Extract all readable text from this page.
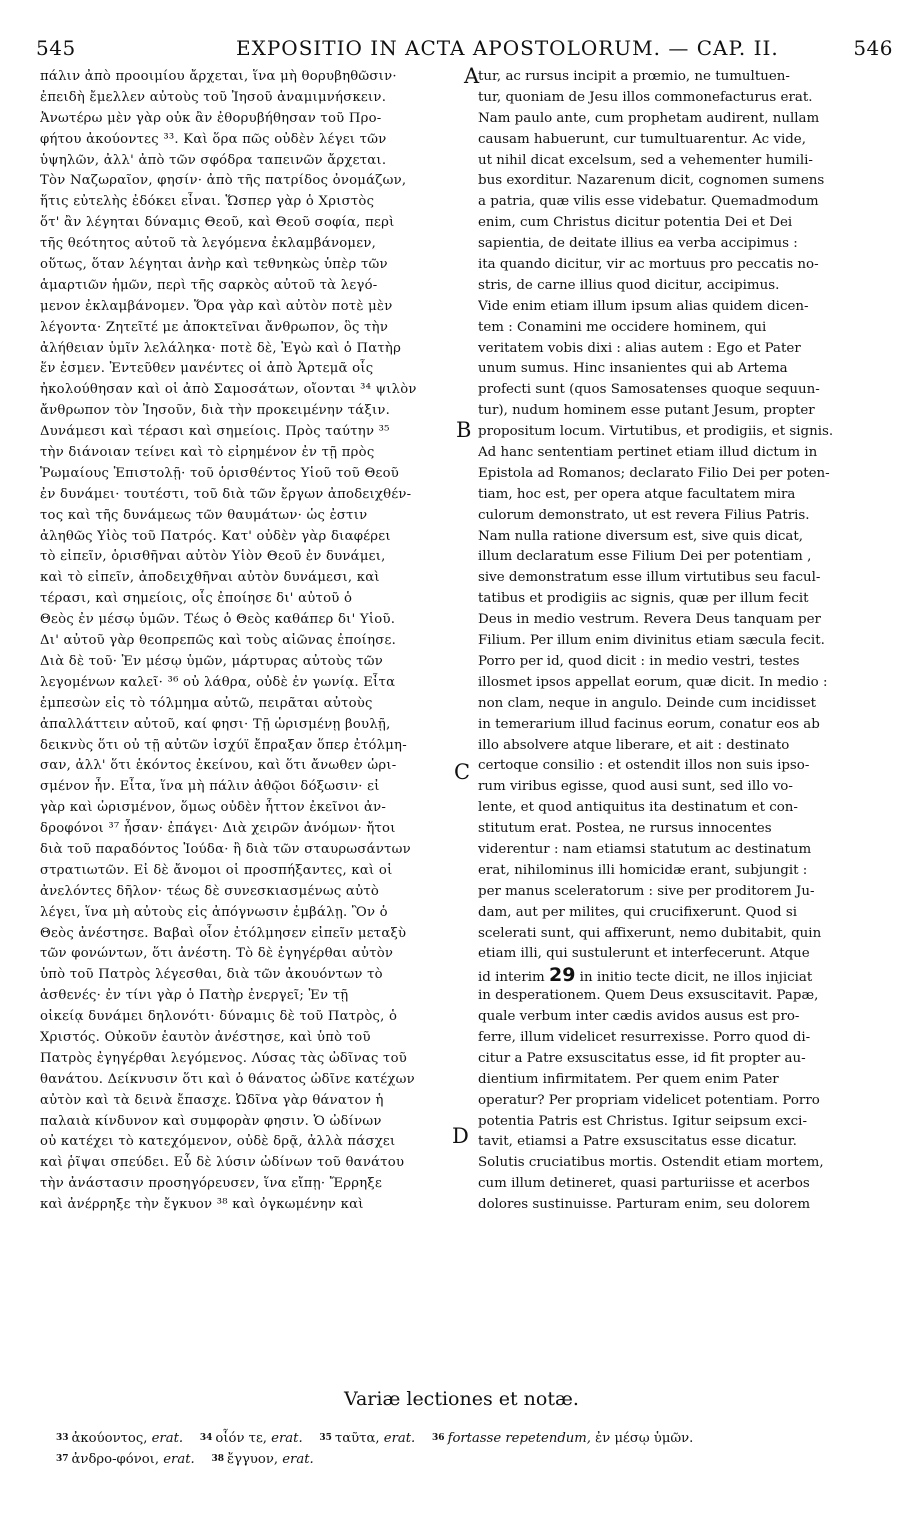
545	EXPOSITIO IN ACTA APOSTOLORUM. — CAP. II.	546
A
B
C
D
πάλιν ἀπὸ προοιμίου ἄρχεται, ἵνα μὴ θορυβηθῶσιν·
ἐπειδὴ ἔμελλεν αὐτοὺς τοῦ Ἰησοῦ ἀναμιμνήσκειν.
Ἀνωτέρω μὲν γὰρ οὐκ ἂν ἐθορυβήθησαν τοῦ Προ-
φήτου ἀκούοντες ³³. Καὶ ὅρα πῶς οὐδὲν λέγει τῶν
ὑψηλῶν, ἀλλ' ἀπὸ τῶν σφόδρα ταπεινῶν ἄρχεται.
Τὸν Ναζωραῖον, φησίν· ἀπὸ τῆς πατρίδος ὀνομάζων,
ἥτις εὐτελὴς ἐδόκει εἶναι. Ὥσπερ γὰρ ὁ Χριστὸς
ὅτ' ἂν λέγηται δύναμις Θεοῦ, καὶ Θεοῦ σοφία, περὶ
τῆς θεότητος αὐτοῦ τὰ λεγόμενα ἐκλαμβάνομεν,
οὕτως, ὅταν λέγηται ἀνὴρ καὶ τεθνηκὼς ὑπὲρ τῶν
ἁμαρτιῶν ἡμῶν, περὶ τῆς σαρκὸς αὐτοῦ τὰ λεγό-
μενον ἐκλαμβάνομεν. Ὅρα γὰρ καὶ αὐτὸν ποτὲ μὲν
λέγοντα· Ζητεῖτέ με ἀποκτεῖναι ἄνθρωπον, ὃς τὴν
ἀλήθειαν ὑμῖν λελάληκα· ποτὲ δὲ, Ἐγὼ καὶ ὁ Πατὴρ
ἕν ἐσμεν. Ἐντεῦθεν μανέντες οἱ ἀπὸ Ἀρτεμᾶ οἷς
ἠκολούθησαν καὶ οἱ ἀπὸ Σαμοσάτων, οἴονται ³⁴ ψιλὸν
ἄνθρωπον τὸν Ἰησοῦν, διὰ τὴν προκειμένην τάξιν.
Δυνάμεσι καὶ τέρασι καὶ σημείοις. Πρὸς ταύτην ³⁵
τὴν διάνοιαν τείνει καὶ τὸ εἰρημένον ἐν τῇ πρὸς
Ῥωμαίους Ἐπιστολῇ· τοῦ ὁρισθέντος Υἱοῦ τοῦ Θεοῦ
ἐν δυνάμει· τουτέστι, τοῦ διὰ τῶν ἔργων ἀποδειχθέν-
τος καὶ τῆς δυνάμεως τῶν θαυμάτων· ὡς ἐστιν
ἀληθῶς Υἱὸς τοῦ Πατρός. Κατ' οὐδὲν γὰρ διαφέρει
τὸ εἰπεῖν, ὁρισθῆναι αὐτὸν Υἱὸν Θεοῦ ἐν δυνάμει,
καὶ τὸ εἰπεῖν, ἀποδειχθῆναι αὐτὸν δυνάμεσι, καὶ
τέρασι, καὶ σημείοις, οἷς ἐποίησε δι' αὐτοῦ ὁ
Θεὸς ἐν μέσῳ ὑμῶν. Τέως ὁ Θεὸς καθάπερ δι' Υἱοῦ.
Δι' αὐτοῦ γὰρ θεοπρεπῶς καὶ τοὺς αἰῶνας ἐποίησε.
Διὰ δὲ τοῦ· Ἐν μέσῳ ὑμῶν, μάρτυρας αὐτοὺς τῶν
λεγομένων καλεῖ· ³⁶ οὐ λάθρα, οὐδὲ ἐν γωνίᾳ. Εἶτα
ἐμπεσὼν εἰς τὸ τόλμημα αὐτῶ, πειρᾶται αὐτοὺς
ἀπαλλάττειν αὐτοῦ, καί φησι· Τῇ ὡρισμένῃ βουλῇ,
δεικνὺς ὅτι οὐ τῇ αὐτῶν ἰσχύϊ ἔπραξαν ὅπερ ἐτόλμη-
σαν, ἀλλ' ὅτι ἑκόντος ἐκείνου, καὶ ὅτι ἄνωθεν ὡρι-
σμένον ἦν. Εἶτα, ἵνα μὴ πάλιν ἀθῷοι δόξωσιν· εἰ
γὰρ καὶ ὡρισμένον, ὅμως οὐδὲν ἧττον ἐκεῖνοι ἀν-
δροφόνοι ³⁷ ἦσαν· ἐπάγει· Διὰ χειρῶν ἀνόμων· ἤτοι
διὰ τοῦ παραδόντος Ἰούδα· ἢ διὰ τῶν σταυρωσάντων
στρατιωτῶν. Εἰ δὲ ἄνομοι οἱ προσπήξαντες, καὶ οἱ
ἀνελόντες δῆλον· τέως δὲ συνεσκιασμένως αὐτὸ
λέγει, ἵνα μὴ αὐτοὺς εἰς ἀπόγνωσιν ἐμβάλῃ. Ὃν ὁ
Θεὸς ἀνέστησε. Βαβαὶ οἷον ἐτόλμησεν εἰπεῖν μεταξὺ
τῶν φονώντων, ὅτι ἀνέστη. Τὸ δὲ ἐγηγέρθαι αὐτὸν
ὑπὸ τοῦ Πατρὸς λέγεσθαι, διὰ τῶν ἀκουόντων τὸ
ἀσθενές· ἐν τίνι γὰρ ὁ Πατὴρ ἐνεργεῖ; Ἐν τῇ
οἰκείᾳ δυνάμει δηλονότι· δύναμις δὲ τοῦ Πατρὸς, ὁ
Χριστός. Οὐκοῦν ἑαυτὸν ἀνέστησε, καὶ ὑπὸ τοῦ
Πατρὸς ἐγηγέρθαι λεγόμενος. Λύσας τὰς ὠδῖνας τοῦ
θανάτου. Δείκνυσιν ὅτι καὶ ὁ θάνατος ὠδῖνε κατέχων
αὐτὸν καὶ τὰ δεινὰ ἔπασχε. Ὠδῖνα γὰρ θάνατον ἡ
παλαιὰ κίνδυνον καὶ συμφορὰν φησιν. Ὁ ὠδίνων
οὐ κατέχει τὸ κατεχόμενον, οὐδὲ δρᾷ, ἀλλὰ πάσχει
καὶ ῥῖψαι σπεύδει. Εὖ δὲ λύσιν ὠδίνων τοῦ θανάτου
τὴν ἀνάστασιν προσηγόρευσεν, ἵνα εἴπῃ· Ἔρρηξε
καὶ ἀνέρρηξε τὴν ἔγκυον ³⁸ καὶ ὀγκωμένην καὶ
tur, ac rursus incipit a prœmio, ne tumultuen-
tur, quoniam de Jesu illos commonefacturus erat.
Nam paulo ante, cum prophetam audirent, nullam
causam habuerunt, cur tumultuarentur. Ac vide,
ut nihil dicat excelsum, sed a vehementer humili-
bus exorditur. Nazarenum dicit, cognomen sumens
a patria, quæ vilis esse videbatur. Quemadmodum
enim, cum Christus dicitur potentia Dei et Dei
sapientia, de deitate illius ea verba accipimus :
ita quando dicitur, vir ac mortuus pro peccatis no-
stris, de carne illius quod dicitur, accipimus.
Vide enim etiam illum ipsum alias quidem dicen-
tem : Conamini me occidere hominem, qui
veritatem vobis dixi : alias autem : Ego et Pater
unum sumus. Hinc insanientes qui ab Artema
profecti sunt (quos Samosatenses quoque sequun-
tur), nudum hominem esse putant Jesum, propter
propositum locum. Virtutibus, et prodigiis, et signis.
Ad hanc sententiam pertinet etiam illud dictum in
Epistola ad Romanos; declarato Filio Dei per poten-
tiam, hoc est, per opera atque facultatem mira
culorum demonstrato, ut est revera Filius Patris.
Nam nulla ratione diversum est, sive quis dicat,
illum declaratum esse Filium Dei per potentiam ,
sive demonstratum esse illum virtutibus seu facul-
tatibus et prodigiis ac signis, quæ per illum fecit
Deus in medio vestrum. Revera Deus tanquam per
Filium. Per illum enim divinitus etiam sæcula fecit.
Porro per id, quod dicit : in medio vestri, testes
illosmet ipsos appellat eorum, quæ dicit. In medio :
non clam, neque in angulo. Deinde cum incidisset
in temerarium illud facinus eorum, conatur eos ab
illo absolvere atque liberare, et ait : destinato
certoque consilio : et ostendit illos non suis ipso-
rum viribus egisse, quod ausi sunt, sed illo vo-
lente, et quod antiquitus ita destinatum et con-
stitutum erat. Postea, ne rursus innocentes
viderentur : nam etiamsi statutum ac destinatum
erat, nihilominus illi homicidæ erant, subjungit :
per manus sceleratorum : sive per proditorem Ju-
dam, aut per milites, qui crucifixerunt. Quod si
scelerati sunt, qui affixerunt, nemo dubitabit, quin
etiam illi, qui sustulerunt et interfecerunt. Atque
id interim 29 in initio tecte dicit, ne illos injiciat
in desperationem. Quem Deus exsuscitavit. Papæ,
quale verbum inter cædis avidos ausus est pro-
ferre, illum videlicet resurrexisse. Porro quod di-
citur a Patre exsuscitatus esse, id fit propter au-
dientium infirmitatem. Per quem enim Pater
operatur? Per propriam videlicet potentiam. Porro
potentia Patris est Christus. Igitur seipsum exci-
tavit, etiamsi a Patre exsuscitatus esse dicatur.
Solutis cruciatibus mortis. Ostendit etiam mortem,
cum illum detineret, quasi parturiisse et acerbos
dolores sustinuisse. Parturam enim, seu dolorem
Variæ lectiones et notæ.
$^{33}$ ἀκούοντος, erat. $^{34}$ οἷόν τε, erat. $^{35}$ ταῦτα, erat. $^{36}$ fortasse repetendum, ἐν μέσῳ ὑμῶν.
$^{37}$ ἀνδρο-φόνοι, erat. $^{38}$ ἔγγυον, erat.
